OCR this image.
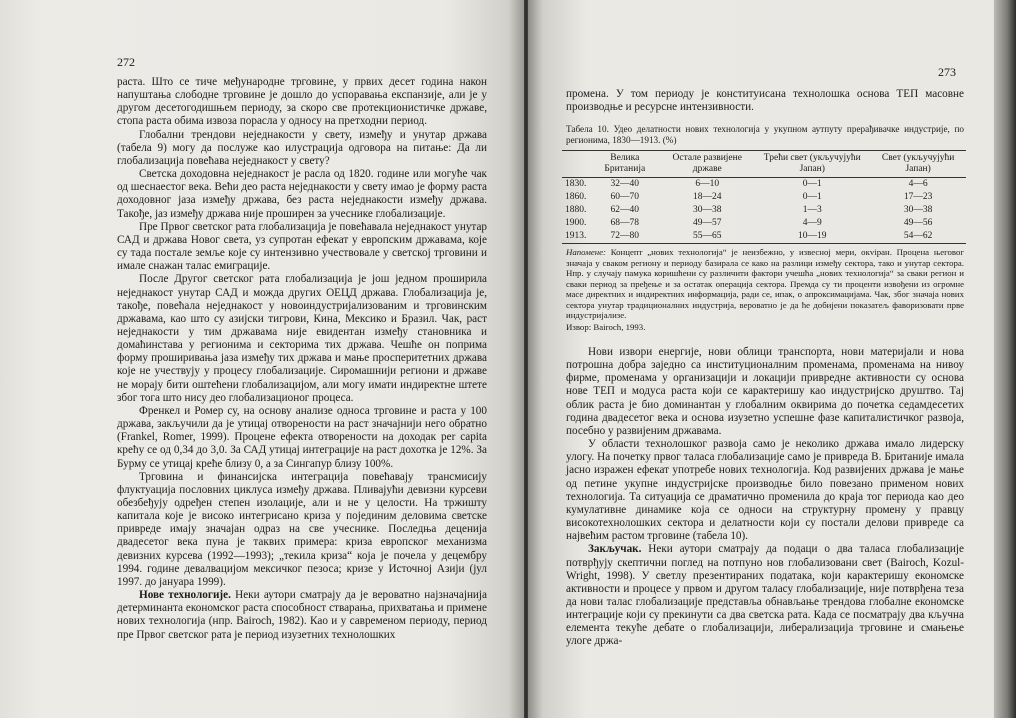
272

раста. Што се тиче међународне трговине, у првих десет година након напуштања слободне трговине је дошло до успоравања експанзије, али је у другом десетогодишњем периоду, за скоро све протекционистичке државе, стопа раста обима извоза порасла у односу на претходни период.

Глобални трендови неједнакости у свету, између и унутар држава (табела 9) могу да послуже као илустрација одговора на питање: Да ли глобализација повећава неједнакост у свету?

Светска доходовна неједнакост је расла од 1820. године или могуће чак од шеснаестог века. Већи део раста неједнакости у свету имао је форму раста доходовног јаза између држава, без раста неједнакости између држава. Такође, јаз између држава није проширен за учеснике глобализације.

Пре Првог светског рата глобализација је повећавала неједнакост унутар САД и држава Новог света, уз супротан ефекат у европским државама, које су тада постале земље које су интензивно учествовале у светској трговини и имале снажан талас емиграције.

После Другог светског рата глобализација је још једном проширила неједнакост унутар САД и можда других ОЕЦД држава. Глобализација је, такође, повећала неједнакост у новоиндустријализованим и трговинским државама, као што су азијски тигрови, Кина, Мексико и Бразил. Чак, раст неједнакости у тим државама није евидентан између становника и домаћинстава у регионима и секторима тих држава. Чешће он поприма форму проширивања јаза између тих држава и мање просперитетних држава које не учествују у процесу глобализације. Сиромашнији региони и државе не морају бити оштећени глобализацијом, али могу имати индиректне штете због тога што нису део глобализационог процеса.

Френкел и Ромер су, на основу анализе односа трговине и раста у 100 држава, закључили да је утицај отворености на раст значајнији него обратно (Frankel, Romer, 1999). Процене ефекта отворености на доходак per capita крећу се од 0,34 до 3,0. За САД утицај интеграције на раст дохотка је 12%. За Бурму се утицај креће близу 0, а за Сингапур близу 100%.

Трговина и финансијска интеграција повећавају трансмисију флуктуација пословних циклуса између држава. Пливајући девизни курсеви обезбеђују одређен степен изолације, али и не у целости. На тржишту капитала које је високо интегрисано криза у појединим деловима светске привреде имају значајан одраз на све учеснике. Последња деценија двадесетог века пуна је таквих примера: криза европског механизма девизних курсева (1992—1993); „текила криза“ која је почела у децембру 1994. године девалвацијом мексичког пезоса; кризе у Источној Азији (јул 1997. до јануара 1999).

Нове технологије. Неки аутори сматрају да је вероватно најзначајнија детерминанта економског раста способност стварања, прихватања и примене нових технологија (нпр. Bairoch, 1982). Као и у савременом периоду, период пре Првог светског рата је период изузетних технолошких

273

промена. У том периоду је конституисана технолошка основа ТЕП масовне производње и ресурсне интензивности.

Табела 10. Удео делатности нових технологија у укупном аутпуту прерађивачке индустрије, по регионима, 1830—1913. (%)
	Велика Британија	Остале развијене државе	Трећи свет (укључујући Јапан)	Свет (укључујући Јапан)
1830.	32—40	6—10	0—1	4—6
1860.	60—70	18—24	0—1	17—23
1880.	62—40	30—38	1—3	30—38
1900.	68—78	49—57	4—9	49—56
1913.	72—80	55—65	10—19	54—62
Напомене: Концепт „нових технологија“ је неизбежно, у извесној мери, окviран. Процена његовог значаја у сваком региону и периоду базирала се како на разлици између сектора, тако и унутар сектора. Нпр. у случају памука коришћени су различити фактори учешћа „нових технологија“ за сваки регион и сваки период за пређење и за остатак операција сектора. Премда су ти проценти извођени из огромне масе директних и индиректних информација, ради се, ипак, о апроксимацијама. Чак, због значаја нових сектора унутар традиционалних индустрија, вероватно је да ће добијени показатељ фаворизовати прве индустријализе.
Извор: Bairoch, 1993.

Нови извори енергије, нови облици транспорта, нови материјали и нова потрошна добра заједно са институционалним променама, променама на нивоу фирме, променама у организацији и локацији привредне активности су основа нове ТЕП и модуса раста који се карактеришу као индустријско друштво. Тај облик раста је био доминантан у глобалним оквирима до почетка седамдесетих година двадесетог века и основа изузетно успешне фазе капиталистичког развоја, посебно у развијеним државама.

У области технолошког развоја само је неколико држава имало лидерску улогу. На почетку првог таласа глобализације само је привреда В. Британије имала јасно изражен ефекат употребе нових технологија. Код развијених држава је мање од петине укупне индустријске производње било повезано применом нових технологија. Та ситуација се драматично променила до краја тог периода као део кумулативне динамике која се односи на структурну промену у правцу високотехнолошких сектора и делатности који су постали делови привреде са највећим растом трговине (табела 10).

Закључак. Неки аутори сматрају да подаци о два таласа глобализације потврђују скептични поглед на потпуно нов глобализовани свет (Bairoch, Kozul-Wright, 1998). У светлу презентираних података, који карактеришу економске активности и процесе у првом и другом таласу глобализације, није потврђена теза да нови талас глобализације представља обнављање трендова глобалне економске интеграције који су прекинути са два светска рата. Када се посматрају два кључна елемента текуће дебате о глобализацији, либерализација трговине и смањење улоге држа-
